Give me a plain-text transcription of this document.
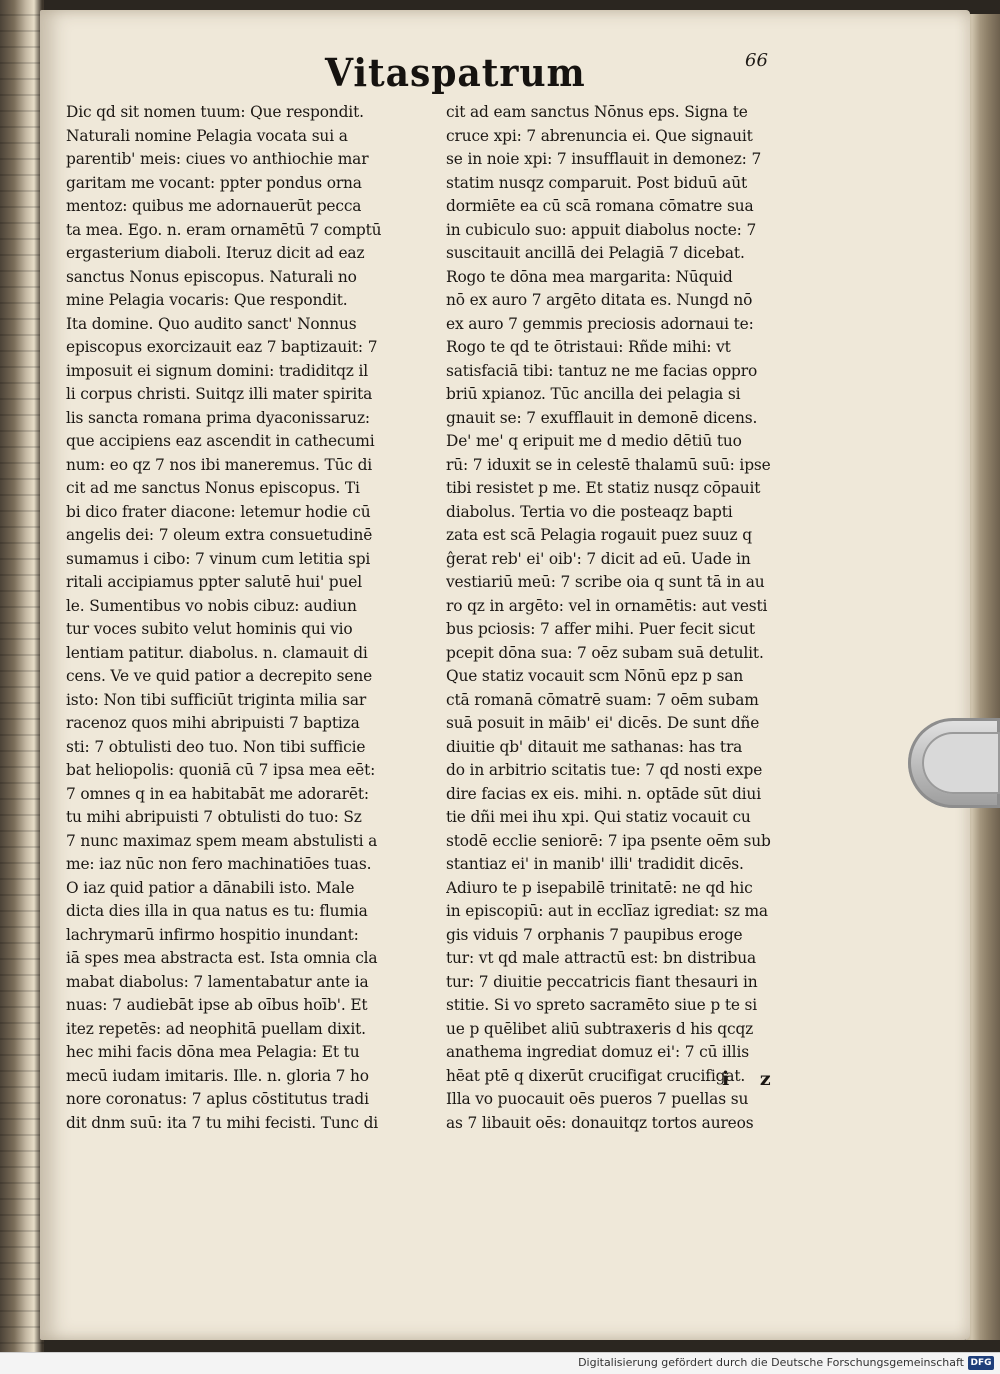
Vitaspatrum	66

Dic qd sit nomen tuum: Que respondit.
Naturali nomine Pelagia vocata sui a
parentib' meis: ciues vo anthiochie mar
garitam me vocant: ppter pondus orna
mentoz: quibus me adornauerūt pecca
ta mea. Ego. n. eram ornamētū 7 comptū
ergasterium diaboli. Iteruz dicit ad eaz
sanctus Nonus episcopus. Naturali no
mine Pelagia vocaris: Que respondit.
Ita domine. Quo audito sanct' Nonnus
episcopus exorcizauit eaz 7 baptizauit: 7
imposuit ei signum domini: tradiditqz il
li corpus christi. Suitqz illi mater spirita
lis sancta romana prima dyaconissaruz:
que accipiens eaz ascendit in cathecumi
num: eo qz 7 nos ibi maneremus. Tūc di
cit ad me sanctus Nonus episcopus. Ti
bi dico frater diacone: letemur hodie cū
angelis dei: 7 oleum extra consuetudinē
sumamus i cibo: 7 vinum cum letitia spi
ritali accipiamus ppter salutē hui' puel
le. Sumentibus vo nobis cibuz: audiun
tur voces subito velut hominis qui vio
lentiam patitur. diabolus. n. clamauit di
cens. Ve ve quid patior a decrepito sene
isto: Non tibi sufficiūt triginta milia sar
racenoz quos mihi abripuisti 7 baptiza
sti: 7 obtulisti deo tuo. Non tibi sufficie
bat heliopolis: quoniā cū 7 ipsa mea eēt:
7 omnes q in ea habitabāt me adorarēt:
tu mihi abripuisti 7 obtulisti do tuo: Sz
7 nunc maximaz spem meam abstulisti a
me: iaz nūc non fero machinatiōes tuas.
O iaz quid patior a dānabili isto. Male
dicta dies illa in qua natus es tu: flumia
lachrymarū infirmo hospitio inundant:
iā spes mea abstracta est. Ista omnia cla
mabat diabolus: 7 lamentabatur ante ia
nuas: 7 audiebāt ipse ab oībus hoīb'. Et
itez repetēs: ad neophitā puellam dixit.
hec mihi facis dōna mea Pelagia: Et tu
mecū iudam imitaris. Ille. n. gloria 7 ho
nore coronatus: 7 aplus cōstitutus tradi
dit dnm suū: ita 7 tu mihi fecisti. Tunc di
cit ad eam sanctus Nōnus eps. Signa te
cruce xpi: 7 abrenuncia ei. Que signauit
se in noie xpi: 7 insufflauit in demonez: 7
statim nusqz comparuit. Post biduū aūt
dormiēte ea cū scā romana cōmatre sua
in cubiculo suo: appuit diabolus nocte: 7
suscitauit ancillā dei Pelagiā 7 dicebat.
Rogo te dōna mea margarita: Nūquid
nō ex auro 7 argēto ditata es. Nungd nō
ex auro 7 gemmis preciosis adornaui te:
Rogo te qd te ōtristaui: Rñde mihi: vt
satisfaciā tibi: tantuz ne me facias oppro
briū xpianoz. Tūc ancilla dei pelagia si
gnauit se: 7 exufflauit in demonē dicens.
De' me' q eripuit me d medio dētiū tuo
rū: 7 iduxit se in celestē thalamū suū: ipse
tibi resistet p me. Et statiz nusqz cōpauit
diabolus. Tertia vo die posteaqz bapti
zata est scā Pelagia rogauit puez suuz q
ĝerat reb' ei' oib': 7 dicit ad eū. Uade in
vestiariū meū: 7 scribe oia q sunt tā in au
ro qz in argēto: vel in ornamētis: aut vesti
bus pciosis: 7 affer mihi. Puer fecit sicut
pcepit dōna sua: 7 oēz subam suā detulit.
Que statiz vocauit scm Nōnū epz p san
ctā romanā cōmatrē suam: 7 oēm subam
suā posuit in māib' ei' dicēs. De sunt dñe
diuitie qb' ditauit me sathanas: has tra
do in arbitrio scitatis tue: 7 qd nosti expe
dire facias ex eis. mihi. n. optāde sūt diui
tie dñi mei ihu xpi. Qui statiz vocauit cu
stodē ecclie seniorē: 7 ipa psente oēm sub
stantiaz ei' in manib' illi' tradidit dicēs.
Adiuro te p isepabilē trinitatē: ne qd hic
in episcopiū: aut in ecclīaz igrediat: sz ma
gis viduis 7 orphanis 7 paupibus eroge
tur: vt qd male attractū est: bn distribua
tur: 7 diuitie peccatricis fiant thesauri in
stitie. Si vo spreto sacramēto siue p te si
ue p quēlibet aliū subtraxeris d his qcqz
anathema ingrediat domuz ei': 7 cū illis
hēat ptē q dixerūt crucifigat crucifigat.
Illa vo puocauit oēs pueros 7 puellas su
as 7 libauit oēs: donauitqz tortos aureos

i z

Digitalisierung gefördert durch die Deutsche Forschungsgemeinschaft DFG
